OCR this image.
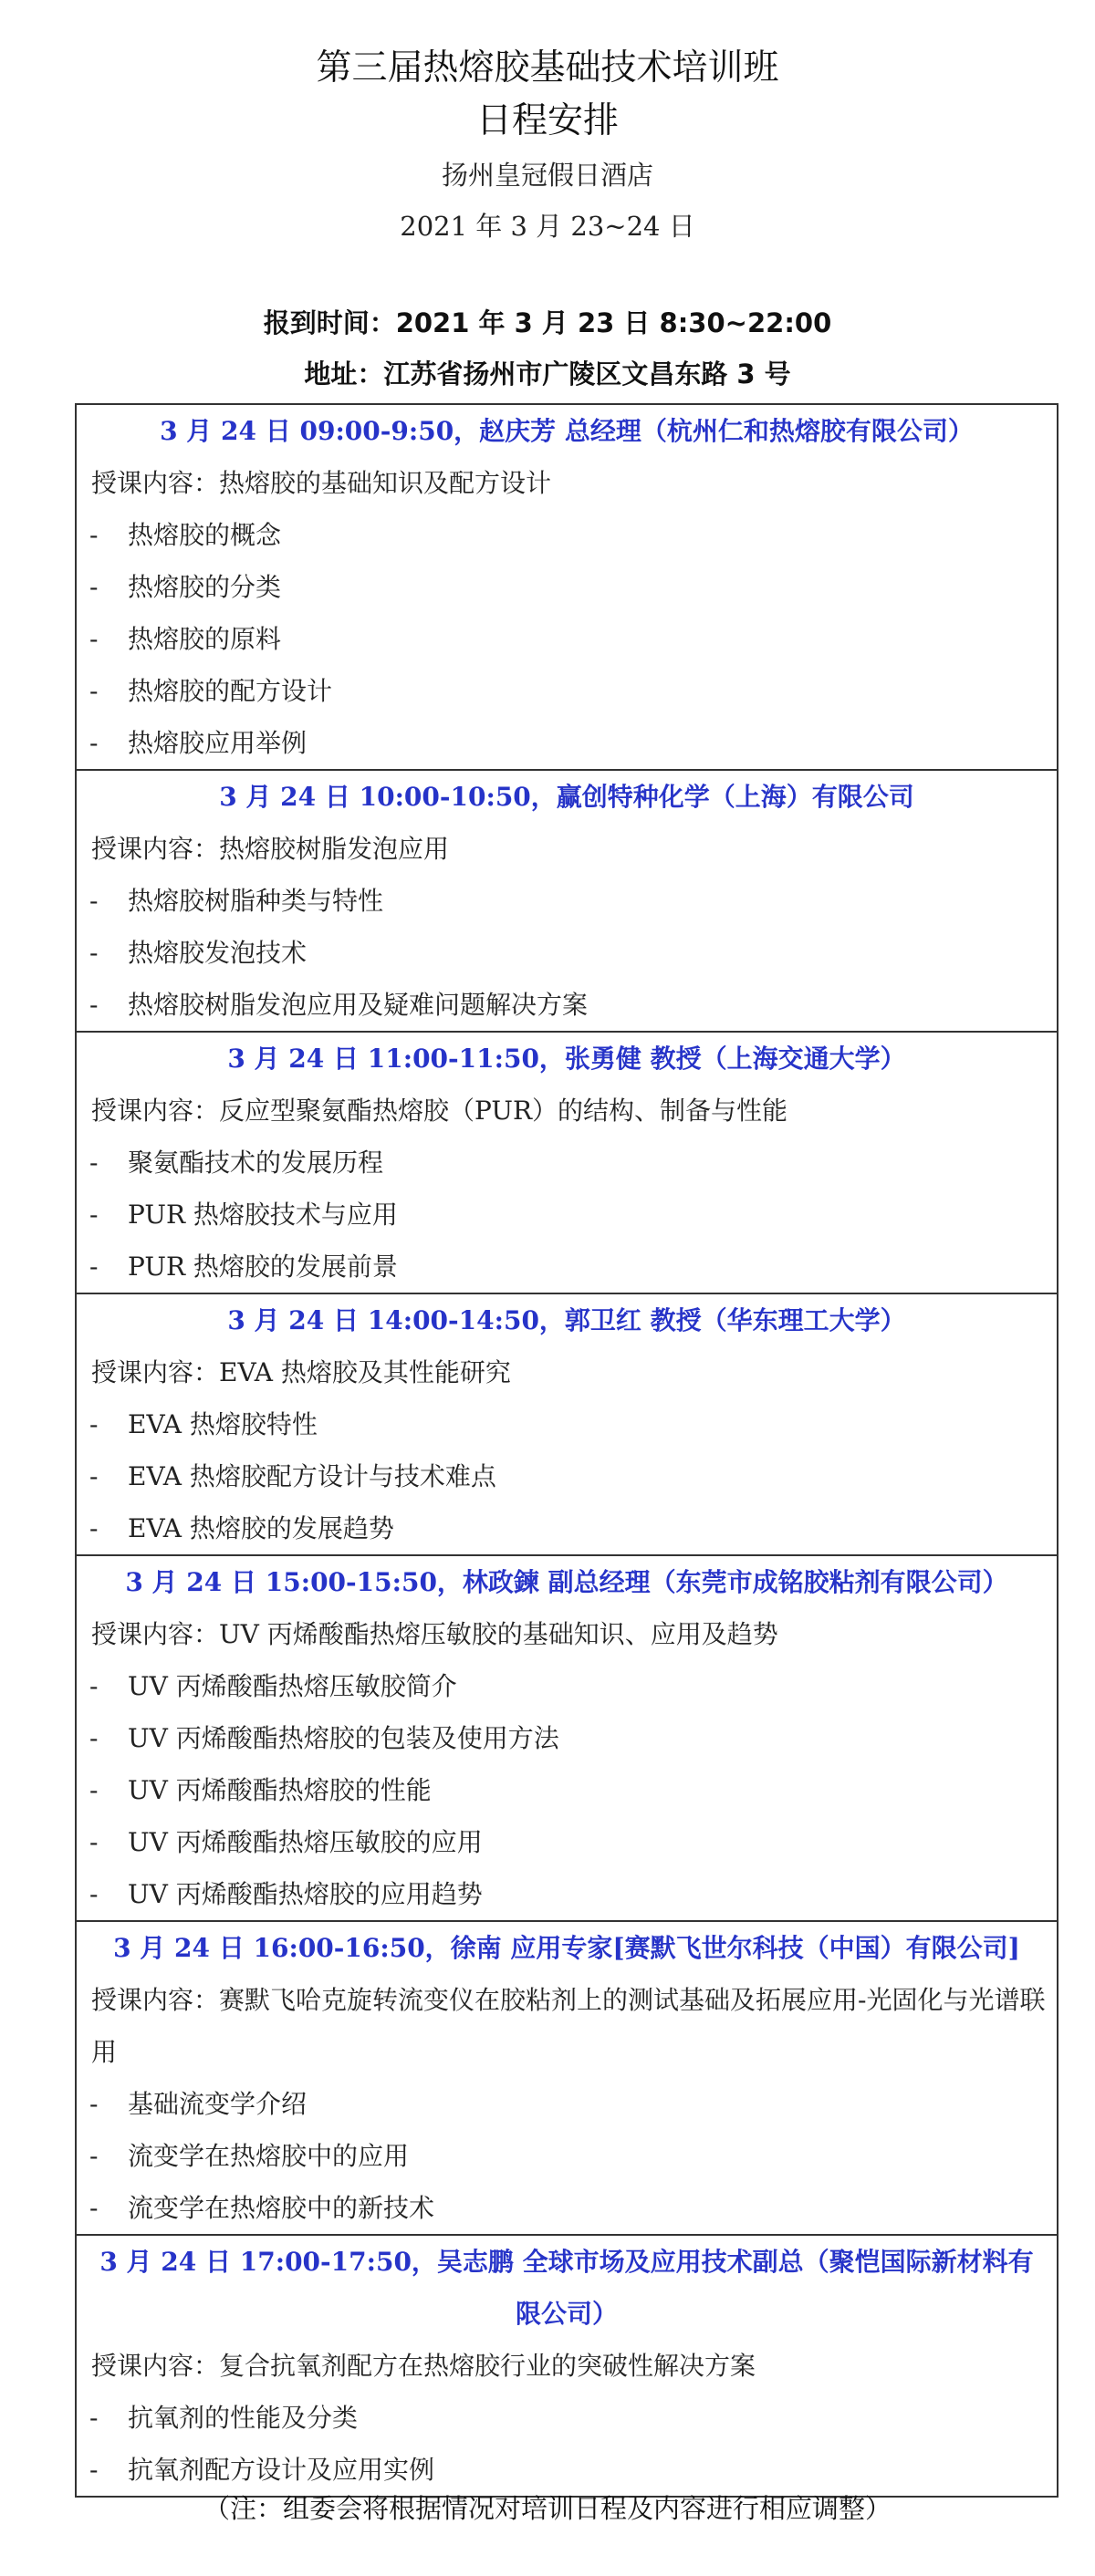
第三届热熔胶基础技术培训班
日程安排
扬州皇冠假日酒店
2021 年 3 月 23~24 日
报到时间：2021 年 3 月 23 日 8:30~22:00
地址：江苏省扬州市广陵区文昌东路 3 号
3 月 24 日 09:00-9:50，赵庆芳 总经理（杭州仁和热熔胶有限公司）
授课内容：热熔胶的基础知识及配方设计
- 热熔胶的概念
- 热熔胶的分类
- 热熔胶的原料
- 热熔胶的配方设计
- 热熔胶应用举例
3 月 24 日 10:00-10:50，赢创特种化学（上海）有限公司
授课内容：热熔胶树脂发泡应用
- 热熔胶树脂种类与特性
- 热熔胶发泡技术
- 热熔胶树脂发泡应用及疑难问题解决方案
3 月 24 日 11:00-11:50，张勇健 教授（上海交通大学）
授课内容：反应型聚氨酯热熔胶（PUR）的结构、制备与性能
- 聚氨酯技术的发展历程
- PUR 热熔胶技术与应用
- PUR 热熔胶的发展前景
3 月 24 日 14:00-14:50，郭卫红 教授（华东理工大学）
授课内容：EVA 热熔胶及其性能研究
- EVA 热熔胶特性
- EVA 热熔胶配方设计与技术难点
- EVA 热熔胶的发展趋势
3 月 24 日 15:00-15:50，林政鍊 副总经理（东莞市成铭胶粘剂有限公司）
授课内容：UV 丙烯酸酯热熔压敏胶的基础知识、应用及趋势
- UV 丙烯酸酯热熔压敏胶简介
- UV 丙烯酸酯热熔胶的包装及使用方法
- UV 丙烯酸酯热熔胶的性能
- UV 丙烯酸酯热熔压敏胶的应用
- UV 丙烯酸酯热熔胶的应用趋势
3 月 24 日 16:00-16:50，徐南 应用专家[赛默飞世尔科技（中国）有限公司]
授课内容：赛默飞哈克旋转流变仪在胶粘剂上的测试基础及拓展应用-光固化与光谱联用
- 基础流变学介绍
- 流变学在热熔胶中的应用
- 流变学在热熔胶中的新技术
3 月 24 日 17:00-17:50，吴志鹏 全球市场及应用技术副总（聚恺国际新材料有限公司）
授课内容：复合抗氧剂配方在热熔胶行业的突破性解决方案
- 抗氧剂的性能及分类
- 抗氧剂配方设计及应用实例
（注：组委会将根据情况对培训日程及内容进行相应调整）
